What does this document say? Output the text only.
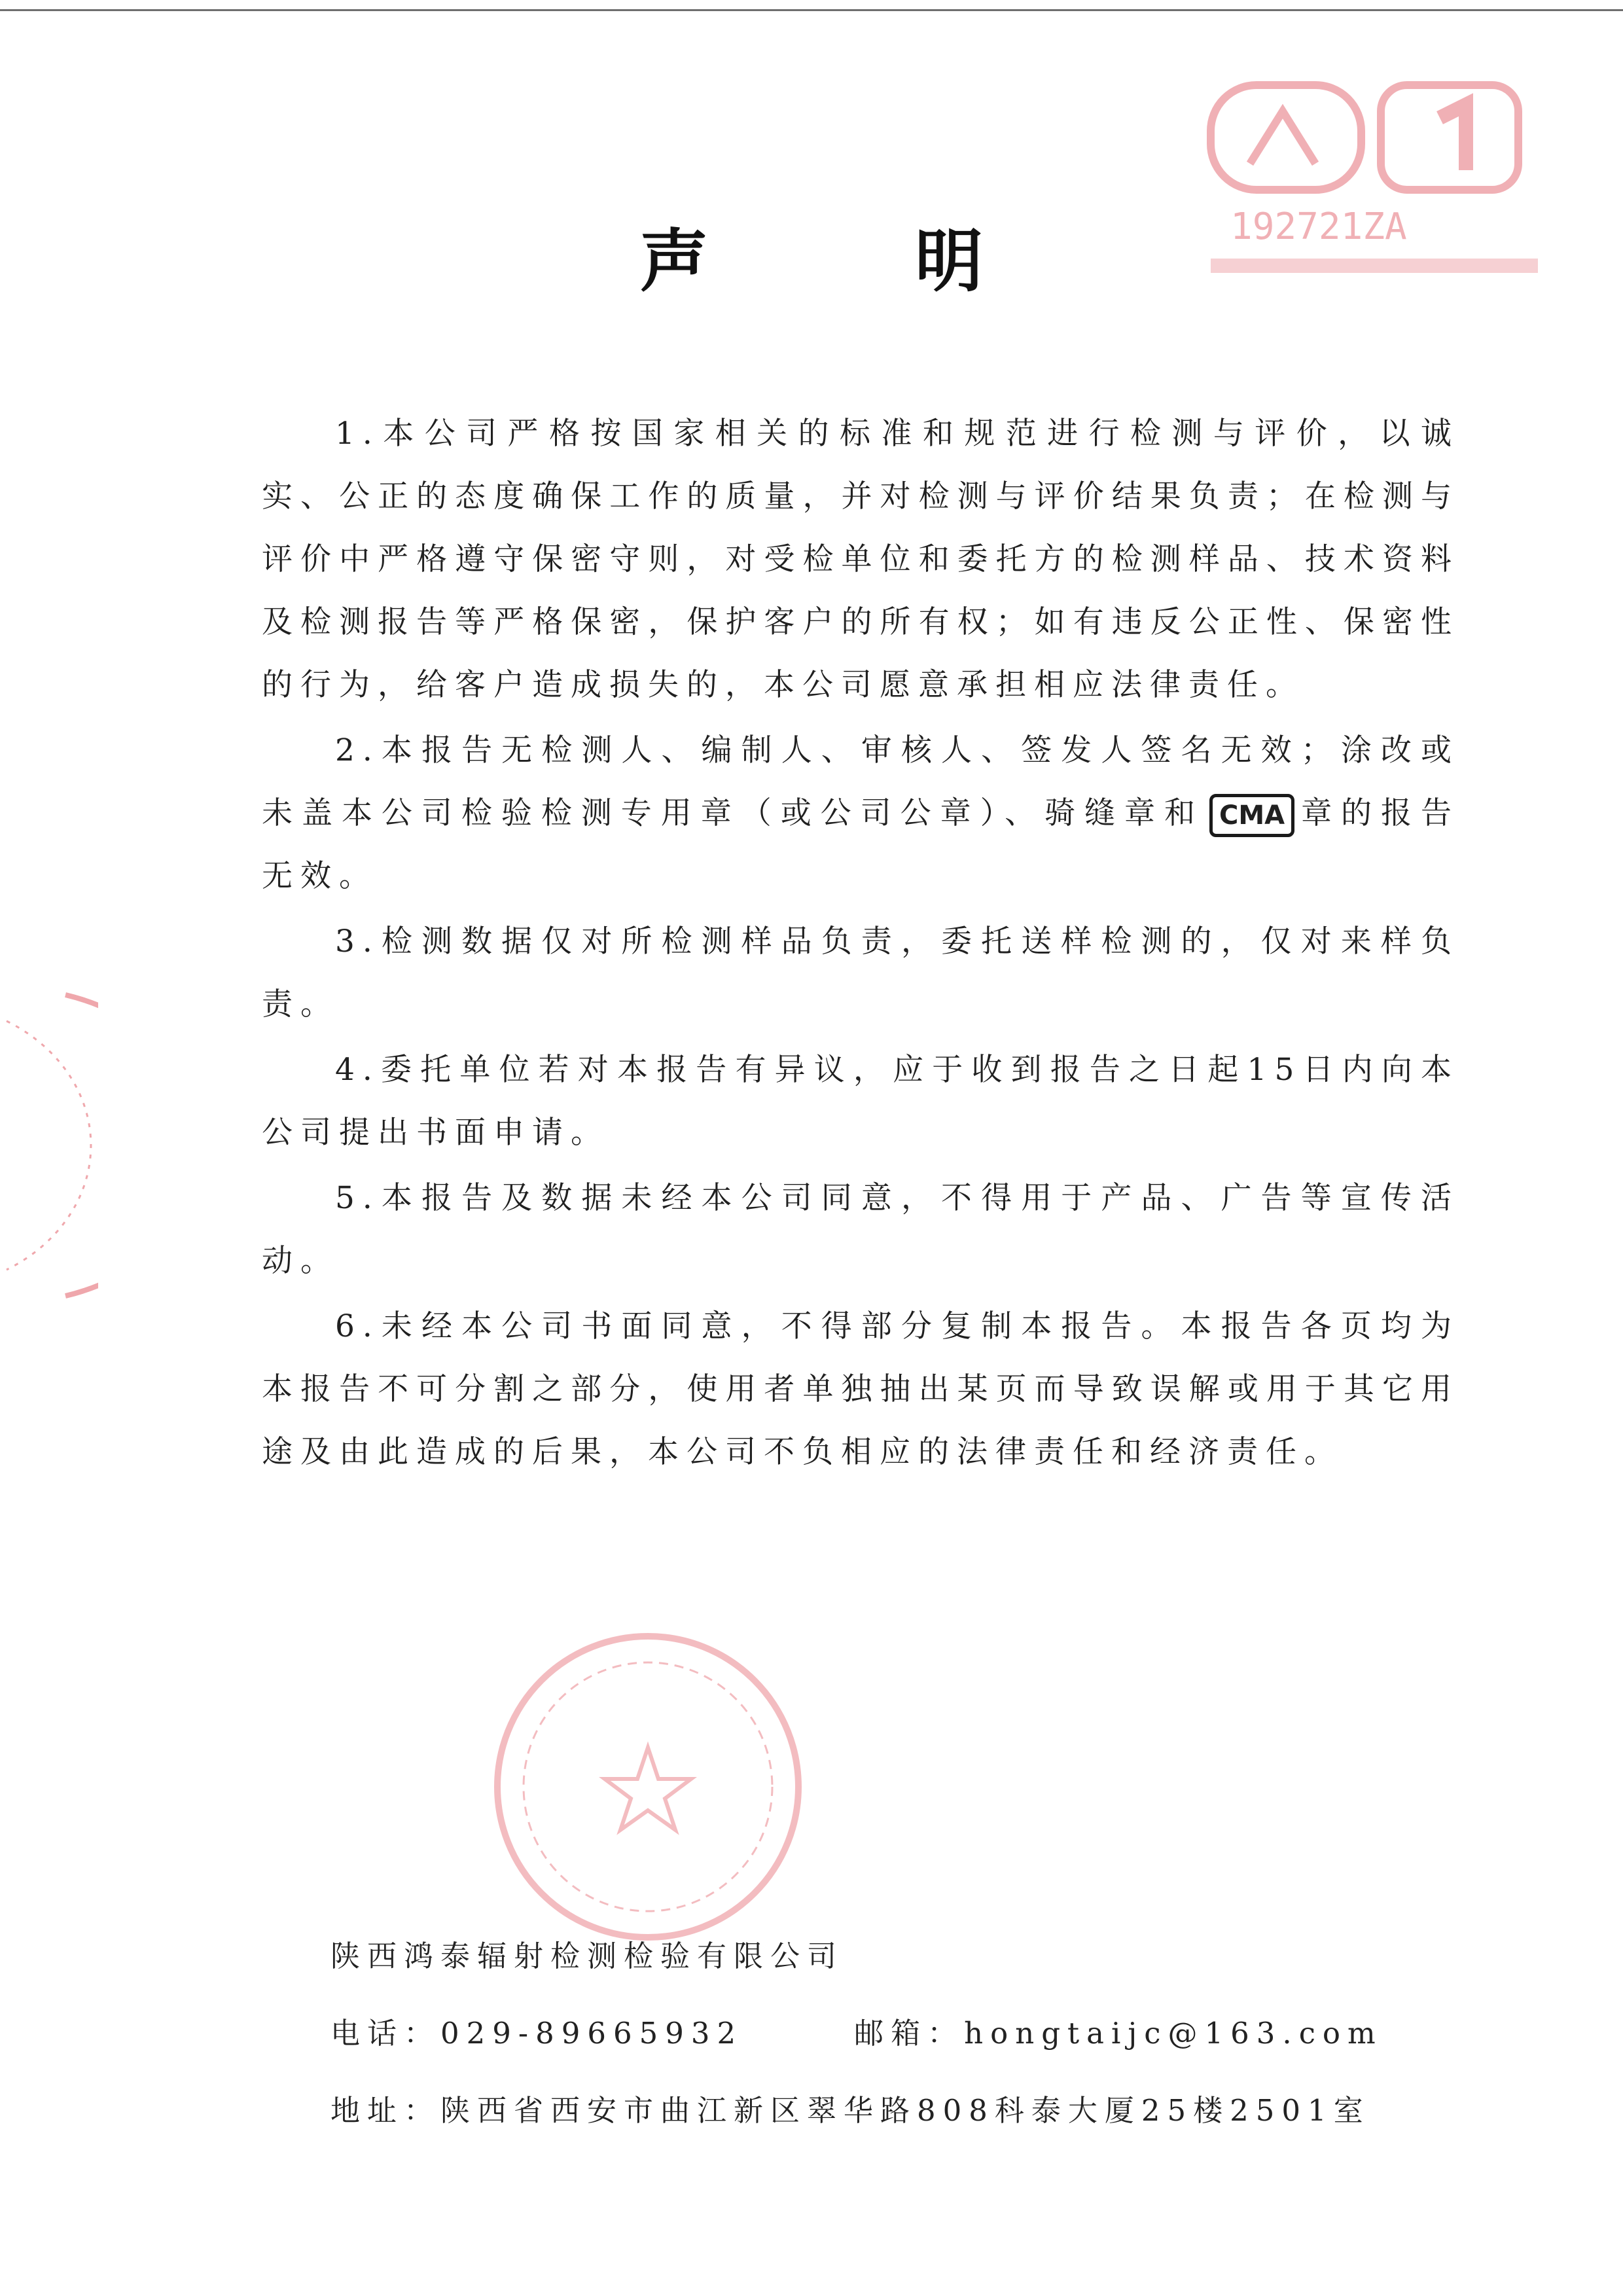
192721ZA
声 明

1.本公司严格按国家相关的标准和规范进行检测与评价，以诚实、公正的态度确保工作的质量，并对检测与评价结果负责；在检测与评价中严格遵守保密守则，对受检单位和委托方的检测样品、技术资料及检测报告等严格保密，保护客户的所有权；如有违反公正性、保密性的行为，给客户造成损失的，本公司愿意承担相应法律责任。

2.本报告无检测人、编制人、审核人、签发人签名无效；涂改或未盖本公司检验检测专用章（或公司公章）、骑缝章和 CMA 章的报告无效。

3.检测数据仅对所检测样品负责，委托送样检测的，仅对来样负责。

4.委托单位若对本报告有异议，应于收到报告之日起15日内向本公司提出书面申请。

5.本报告及数据未经本公司同意，不得用于产品、广告等宣传活动。

6.未经本公司书面同意，不得部分复制本报告。本报告各页均为本报告不可分割之部分，使用者单独抽出某页而导致误解或用于其它用途及由此造成的后果，本公司不负相应的法律责任和经济责任。

陕西鸿泰辐射检测检验有限公司
电话：029-89665932	邮箱：hongtaijc@163.com
地址：陕西省西安市曲江新区翠华路808科泰大厦25楼2501室
